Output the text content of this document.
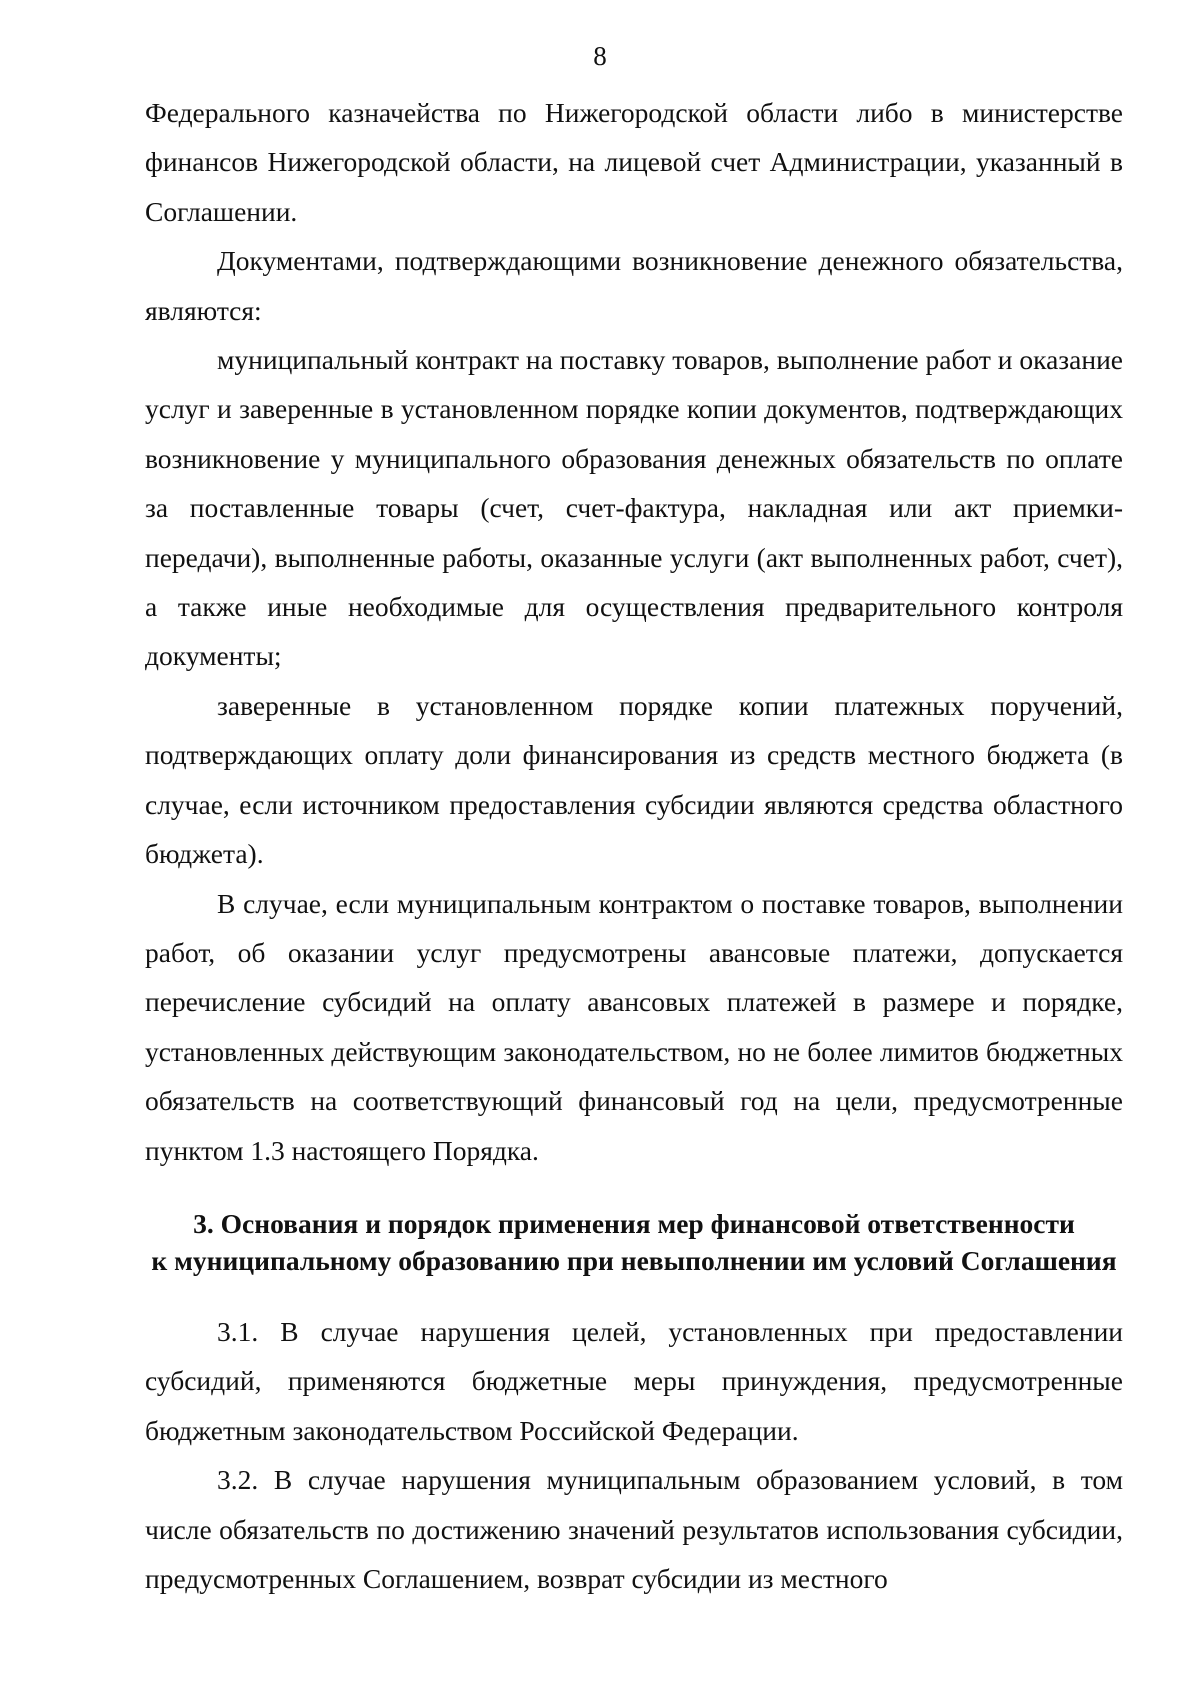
8

Федерального казначейства по Нижегородской области либо в министерстве финансов Нижегородской области, на лицевой счет Администрации, указанный в Соглашении.

Документами, подтверждающими возникновение денежного обязательства, являются:

муниципальный контракт на поставку товаров, выполнение работ и оказание услуг и заверенные в установленном порядке копии документов, подтверждающих возникновение у муниципального образования денежных обязательств по оплате за поставленные товары (счет, счет-фактура, накладная или акт приемки-передачи), выполненные работы, оказанные услуги (акт выполненных работ, счет), а также иные необходимые для осуществления предварительного контроля документы;

заверенные в установленном порядке копии платежных поручений, подтверждающих оплату доли финансирования из средств местного бюджета (в случае, если источником предоставления субсидии являются средства областного бюджета).

В случае, если муниципальным контрактом о поставке товаров, выполнении работ, об оказании услуг предусмотрены авансовые платежи, допускается перечисление субсидий на оплату авансовых платежей в размере и порядке, установленных действующим законодательством, но не более лимитов бюджетных обязательств на соответствующий финансовый год на цели, предусмотренные пунктом 1.3 настоящего Порядка.

3. Основания и порядок применения мер финансовой ответственности
к муниципальному образованию при невыполнении им условий Соглашения

3.1. В случае нарушения целей, установленных при предоставлении субсидий, применяются бюджетные меры принуждения, предусмотренные бюджетным законодательством Российской Федерации.

3.2. В случае нарушения муниципальным образованием условий, в том числе обязательств по достижению значений результатов использования субсидии, предусмотренных Соглашением, возврат субсидии из местного
